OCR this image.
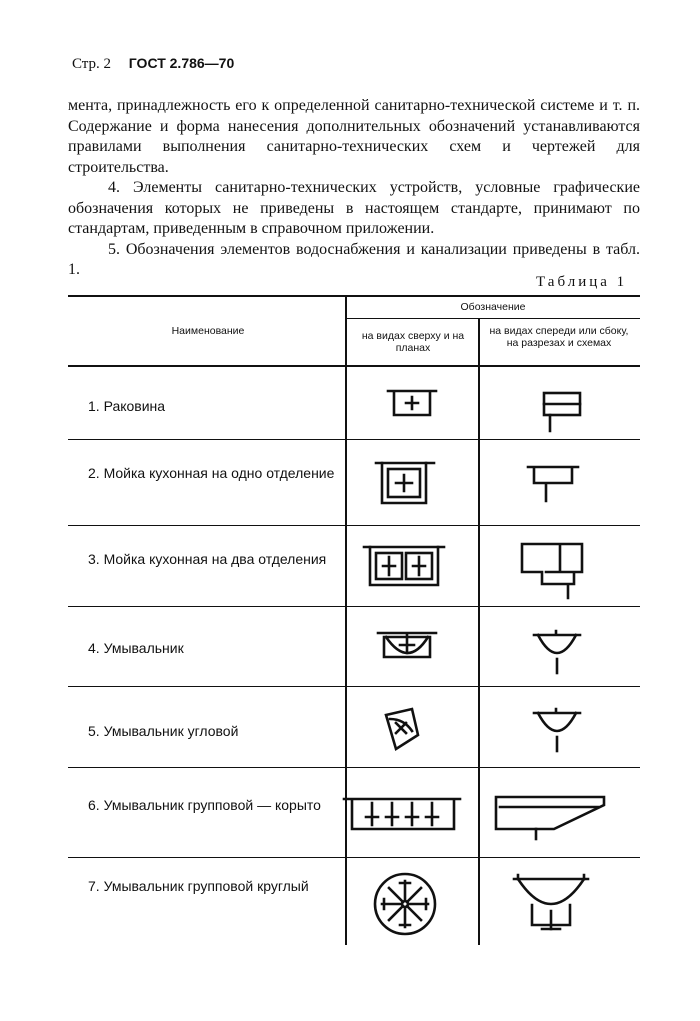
Стр. 2 ГОСТ 2.786—70

мента, принадлежность его к определенной санитарно-технической системе и т. п. Содержание и форма нанесения дополнительных обозначений устанавливаются правилами выполнения санитарно-технических схем и чертежей для строительства.

4. Элементы санитарно-технических устройств, условные графические обозначения которых не приведены в настоящем стандарте, принимают по стандартам, приведенным в справочном приложении.

5. Обозначения элементов водоснабжения и канализации приведены в табл. 1.

Таблица 1
Наименование
Обозначение
на видах сверху и на планах
на видах спереди или сбоку, на разрезах и схемах
1. Раковина
2. Мойка кухонная на одно отделение
3. Мойка кухонная на два отделения
4. Умывальник
5. Умывальник угловой
6. Умывальник групповой — корыто
7. Умывальник групповой круглый
